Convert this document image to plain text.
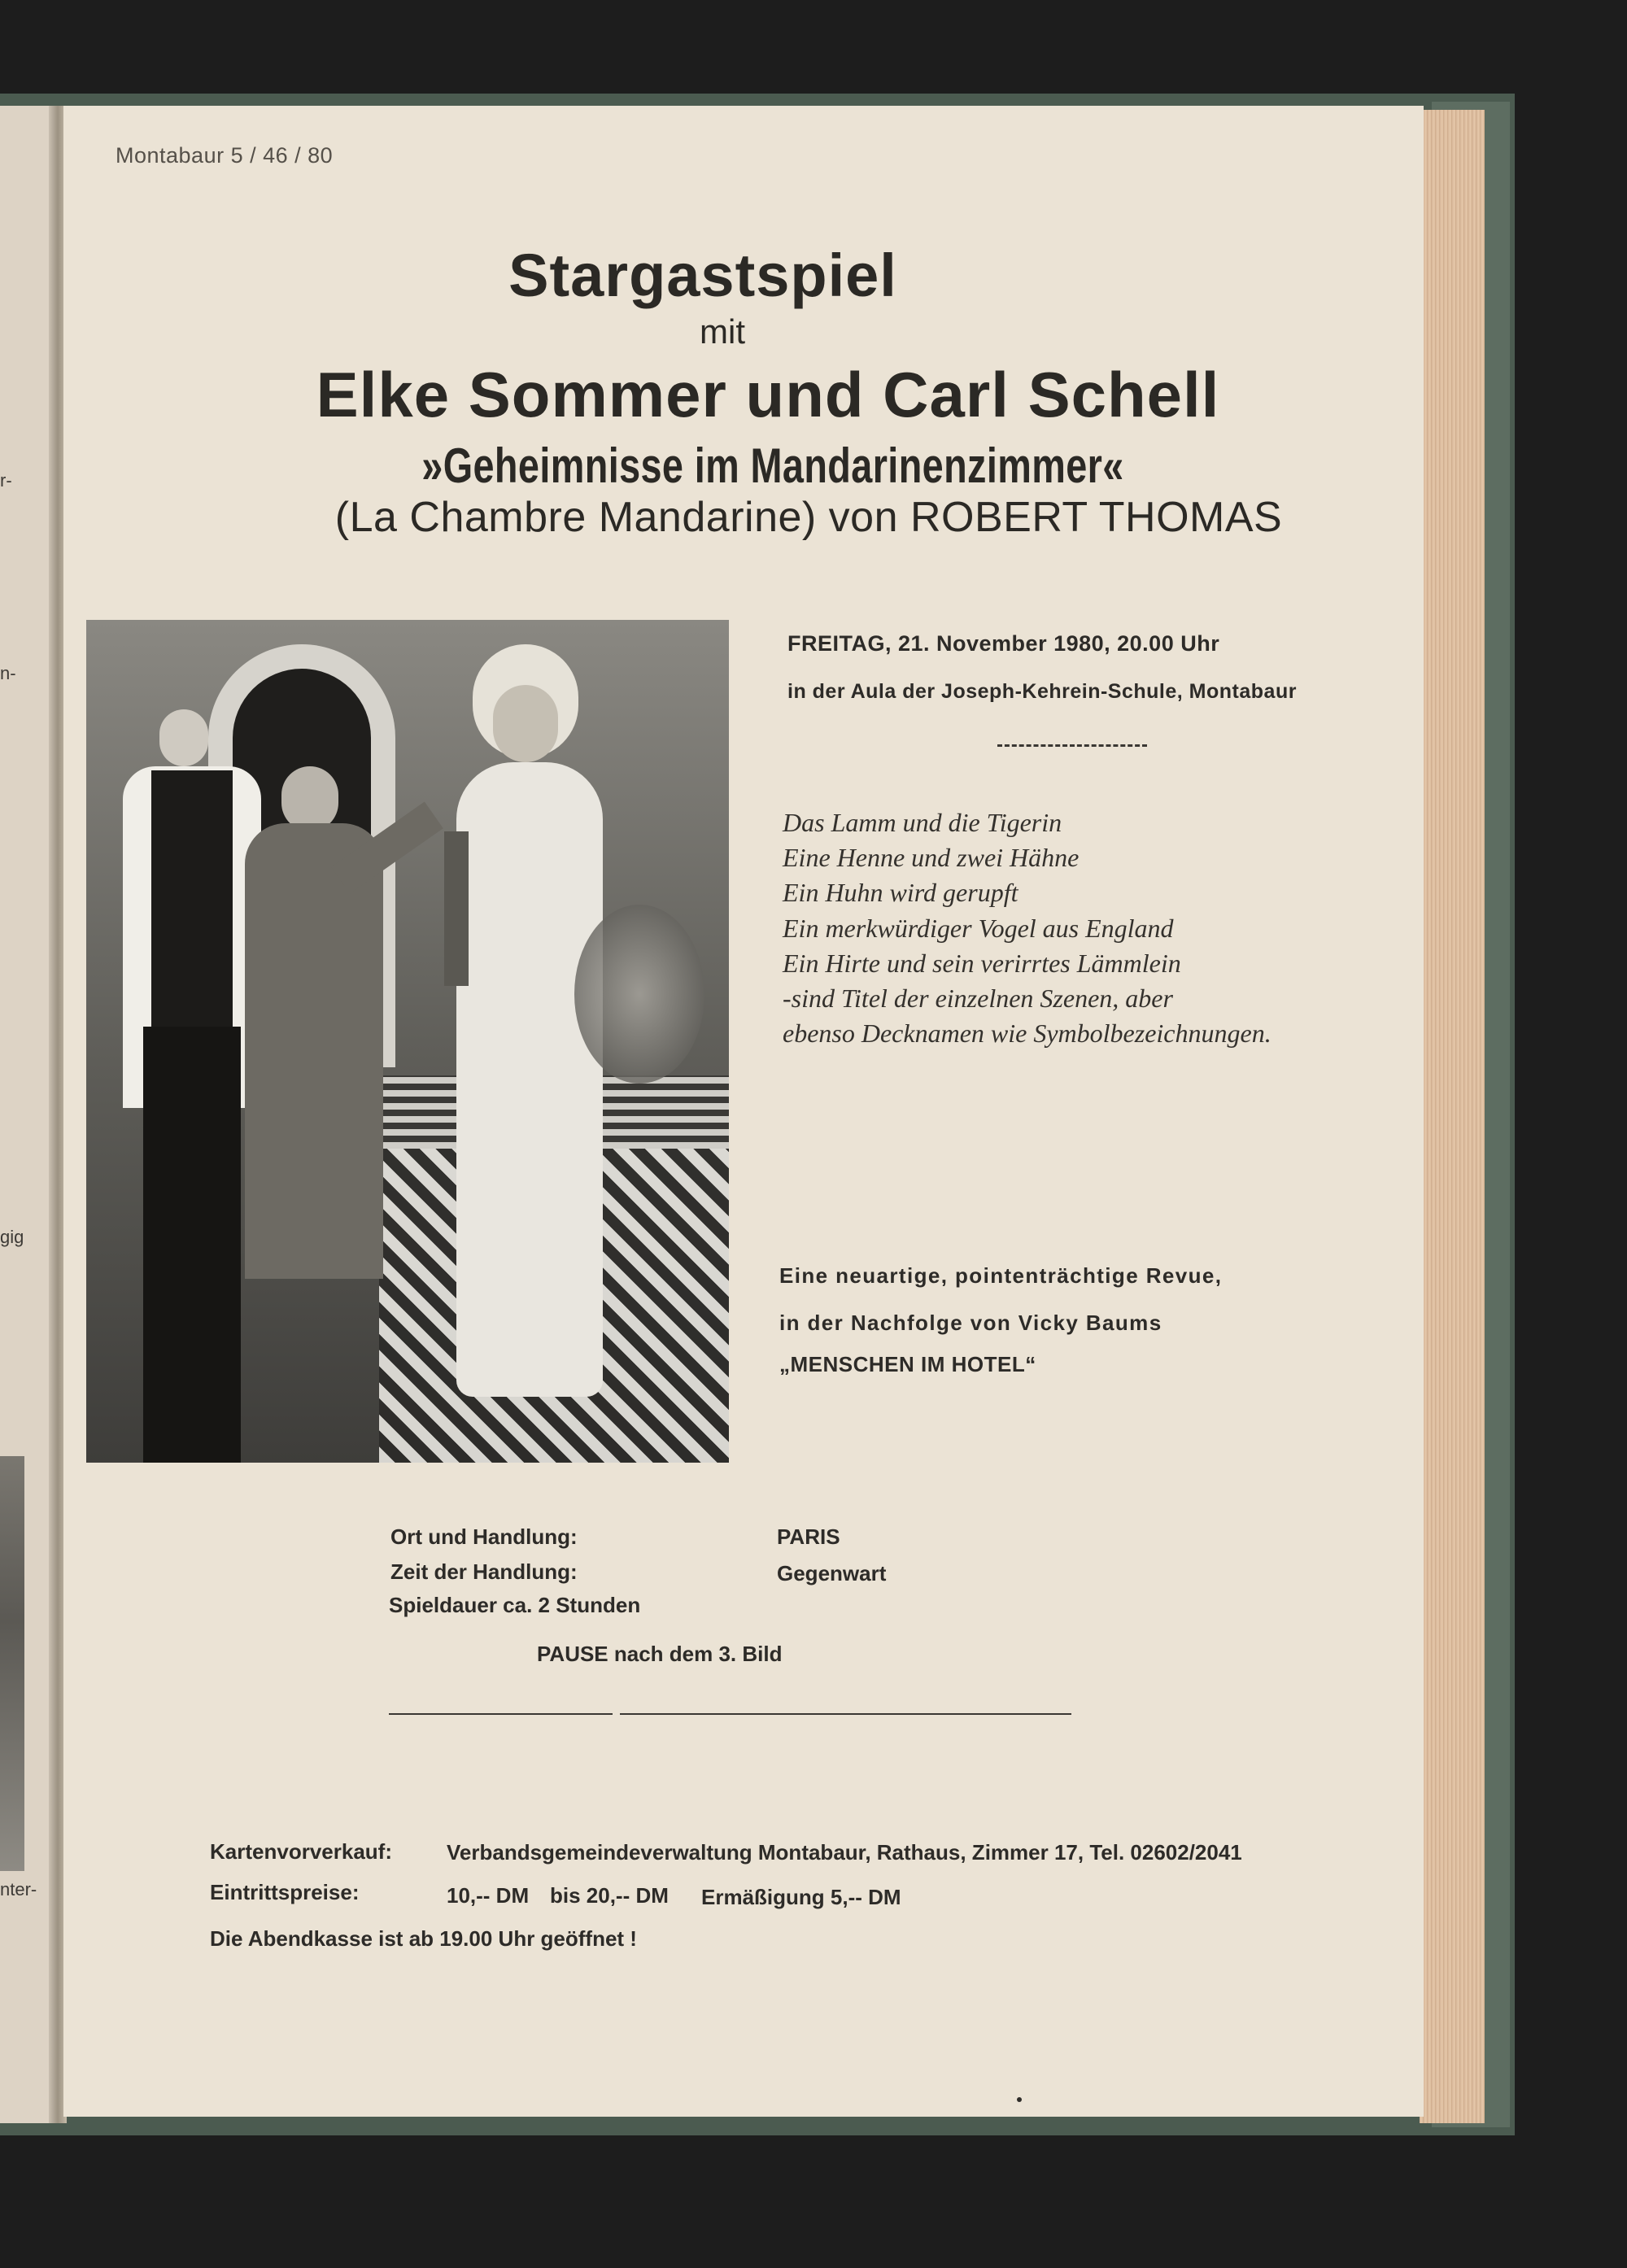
r-
n-
gig
nter-
Montabaur 5 / 46 / 80
Stargastspiel
mit
Elke Sommer und Carl Schell
»Geheimnisse im Mandarinenzimmer«
(La Chambre Mandarine) von ROBERT THOMAS
FREITAG, 21. November 1980, 20.00 Uhr
in der Aula der Joseph-Kehrein-Schule, Montabaur
Das Lamm und die Tigerin
Eine Henne und zwei Hähne
Ein Huhn wird gerupft
Ein merkwürdiger Vogel aus England
Ein Hirte und sein verirrtes Lämmlein
-sind Titel der einzelnen Szenen, aber
ebenso Decknamen wie Symbolbezeichnungen.
Eine neuartige, pointenträchtige Revue,
in der Nachfolge von Vicky Baums
„MENSCHEN IM HOTEL“
Ort und Handlung:	PARIS
Zeit der Handlung:	Gegenwart
Spieldauer ca. 2 Stunden
PAUSE nach dem 3. Bild
Kartenvorverkauf:	Verbandsgemeindeverwaltung Montabaur, Rathaus, Zimmer 17, Tel. 02602/2041
Eintrittspreise:	10,-- DM bis 20,-- DM Ermäßigung 5,-- DM
Die Abendkasse ist ab 19.00 Uhr geöffnet !
